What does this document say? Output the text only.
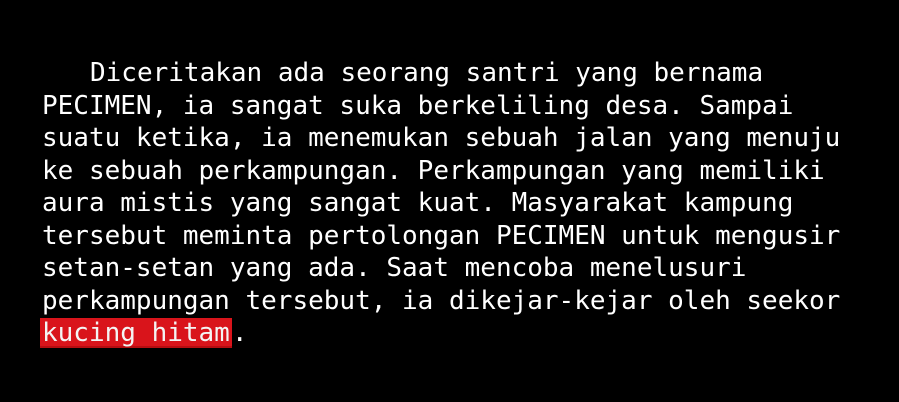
Diceritakan ada seorang santri yang bernama
PECIMEN, ia sangat suka berkeliling desa. Sampai
suatu ketika, ia menemukan sebuah jalan yang menuju
ke sebuah perkampungan. Perkampungan yang memiliki
aura mistis yang sangat kuat. Masyarakat kampung
tersebut meminta pertolongan PECIMEN untuk mengusir
setan-setan yang ada. Saat mencoba menelusuri
perkampungan tersebut, ia dikejar-kejar oleh seekor
kucing hitam.
